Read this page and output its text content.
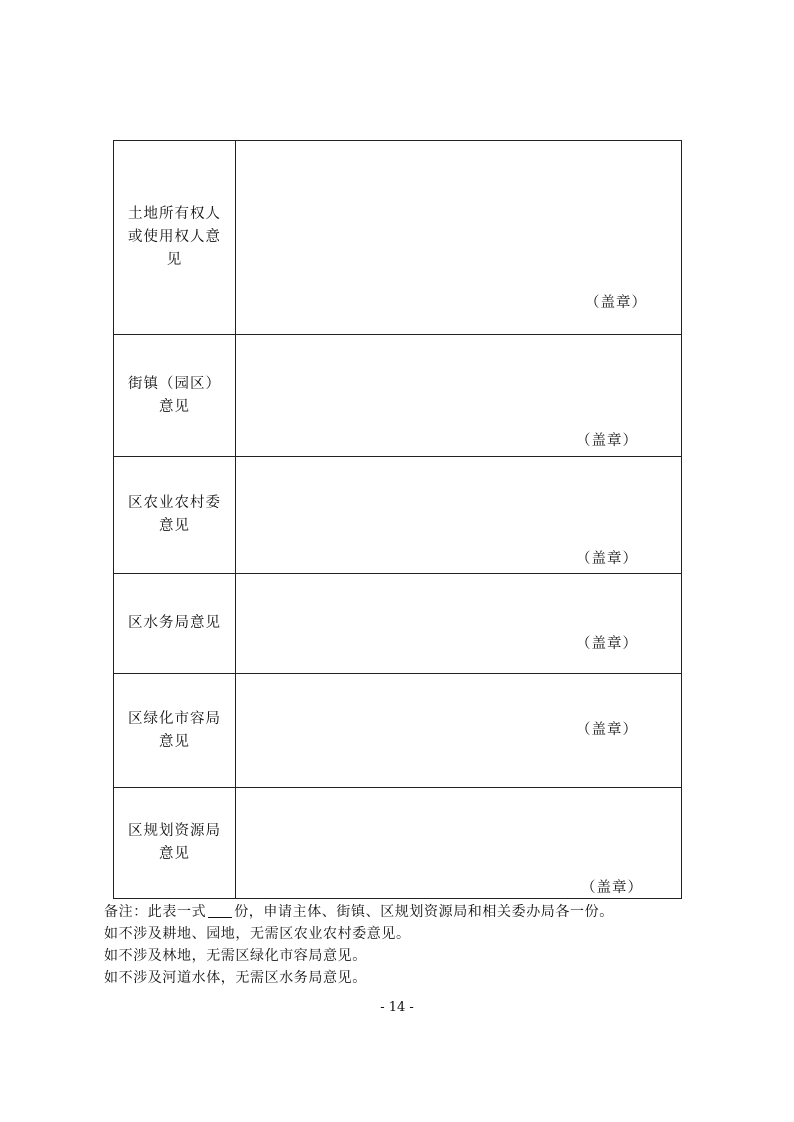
土地所有权人
或使用权人意
见	（盖章）

街镇（园区）
意见	（盖章）

区农业农村委
意见	（盖章）

区水务局意见	（盖章）

区绿化市容局
意见	（盖章）

区规划资源局
意见	（盖章）
备注：此表一式 份，申请主体、街镇、区规划资源局和相关委办局各一份。
如不涉及耕地、园地，无需区农业农村委意见。
如不涉及林地，无需区绿化市容局意见。
如不涉及河道水体，无需区水务局意见。
- 14 -
